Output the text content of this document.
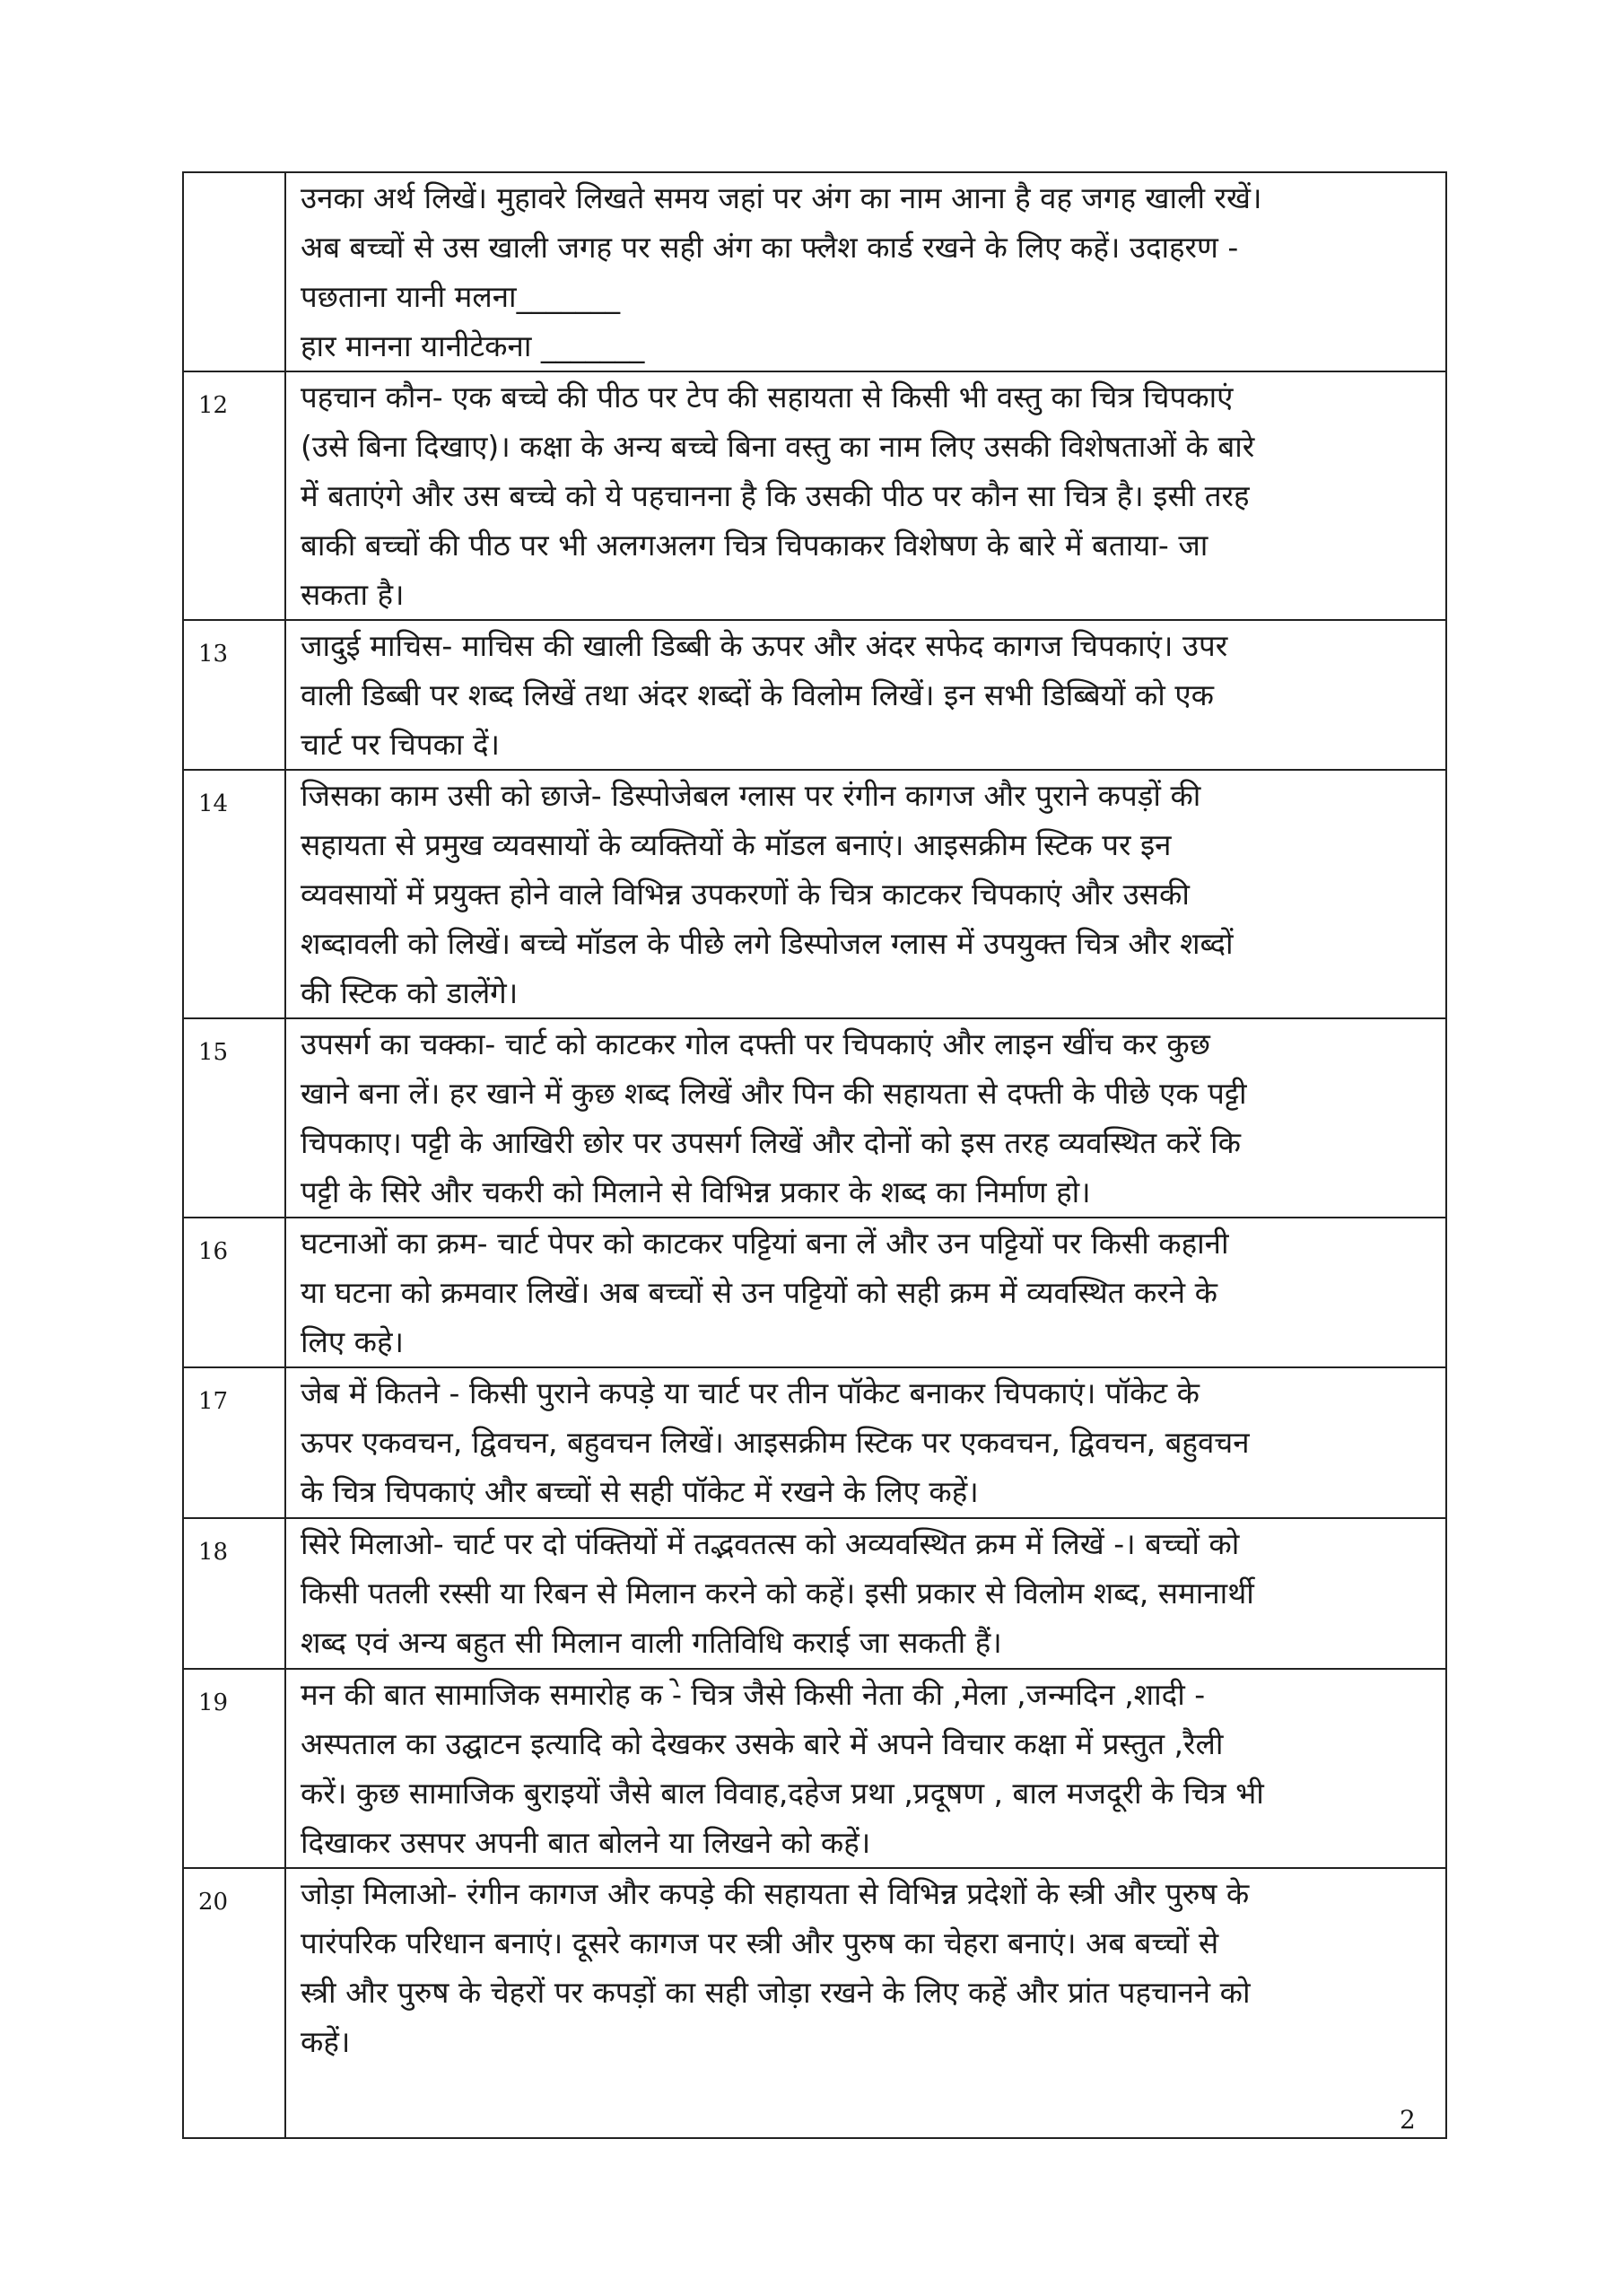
	उनका अर्थ लिखें। मुहावरे लिखते समय जहां पर अंग का नाम आना है वह जगह खाली रखें।
अब बच्चों से उस खाली जगह पर सही अंग का फ्लैश कार्ड रखने के लिए कहें। उदाहरण -
पछताना यानी मलना_______
हार मानना यानीटेकना _______

12	पहचान कौन- एक बच्चे की पीठ पर टेप की सहायता से किसी भी वस्तु का चित्र चिपकाएं
(उसे बिना दिखाए)। कक्षा के अन्य बच्चे बिना वस्तु का नाम लिए उसकी विशेषताओं के बारे
में बताएंगे और उस बच्चे को ये पहचानना है कि उसकी पीठ पर कौन सा चित्र है। इसी तरह
बाकी बच्चों की पीठ पर भी अलगअलग चित्र चिपकाकर विशेषण के बारे में बताया- जा
सकता है।

13	जादुई माचिस- माचिस की खाली डिब्बी के ऊपर और अंदर सफेद कागज चिपकाएं। उपर
वाली डिब्बी पर शब्द लिखें तथा अंदर शब्दों के विलोम लिखें। इन सभी डिब्बियों को एक
चार्ट पर चिपका दें।

14	जिसका काम उसी को छाजे- डिस्पोजेबल ग्लास पर रंगीन कागज और पुराने कपड़ों की
सहायता से प्रमुख व्यवसायों के व्यक्तियों के मॉडल बनाएं। आइसक्रीम स्टिक पर इन
व्यवसायों में प्रयुक्त होने वाले विभिन्न उपकरणों के चित्र काटकर चिपकाएं और उसकी
शब्दावली को लिखें। बच्चे मॉडल के पीछे लगे डिस्पोजल ग्लास में उपयुक्त चित्र और शब्दों
की स्टिक को डालेंगे।

15	उपसर्ग का चक्का- चार्ट को काटकर गोल दफ्ती पर चिपकाएं और लाइन खींच कर कुछ
खाने बना लें। हर खाने में कुछ शब्द लिखें और पिन की सहायता से दफ्ती के पीछे एक पट्टी
चिपकाए। पट्टी के आखिरी छोर पर उपसर्ग लिखें और दोनों को इस तरह व्यवस्थित करें कि
पट्टी के सिरे और चकरी को मिलाने से विभिन्न प्रकार के शब्द का निर्माण हो।

16	घटनाओं का क्रम- चार्ट पेपर को काटकर पट्टियां बना लें और उन पट्टियों पर किसी कहानी
या घटना को क्रमवार लिखें। अब बच्चों से उन पट्टियों को सही क्रम में व्यवस्थित करने के
लिए कहे।

17	जेब में कितने - किसी पुराने कपड़े या चार्ट पर तीन पॉकेट बनाकर चिपकाएं। पॉकेट के
ऊपर एकवचन, द्विवचन, बहुवचन लिखें। आइसक्रीम स्टिक पर एकवचन, द्विवचन, बहुवचन
के चित्र चिपकाएं और बच्चों से सही पॉकेट में रखने के लिए कहें।

18	सिरे मिलाओ- चार्ट पर दो पंक्तियों में तद्भवतत्स को अव्यवस्थित क्रम में लिखें -। बच्चों को
किसी पतली रस्सी या रिबन से मिलान करने को कहें। इसी प्रकार से विलोम शब्द, समानार्थी
शब्द एवं अन्य बहुत सी मिलान वाली गतिविधि कराई जा सकती हैं।

19	मन की बात सामाजिक समारोह क -े चित्र जैसे किसी नेता की ,मेला ,जन्मदिन ,शादी -
अस्पताल का उद्घाटन इत्यादि को देखकर उसके बारे में अपने विचार कक्षा में प्रस्तुत ,रैली
करें। कुछ सामाजिक बुराइयों जैसे बाल विवाह,दहेज प्रथा ,प्रदूषण , बाल मजदूरी के चित्र भी
दिखाकर उसपर अपनी बात बोलने या लिखने को कहें।

20	जोड़ा मिलाओ- रंगीन कागज और कपड़े की सहायता से विभिन्न प्रदेशों के स्त्री और पुरुष के
पारंपरिक परिधान बनाएं। दूसरे कागज पर स्त्री और पुरुष का चेहरा बनाएं। अब बच्चों से
स्त्री और पुरुष के चेहरों पर कपड़ों का सही जोड़ा रखने के लिए कहें और प्रांत पहचानने को
कहें।
2
